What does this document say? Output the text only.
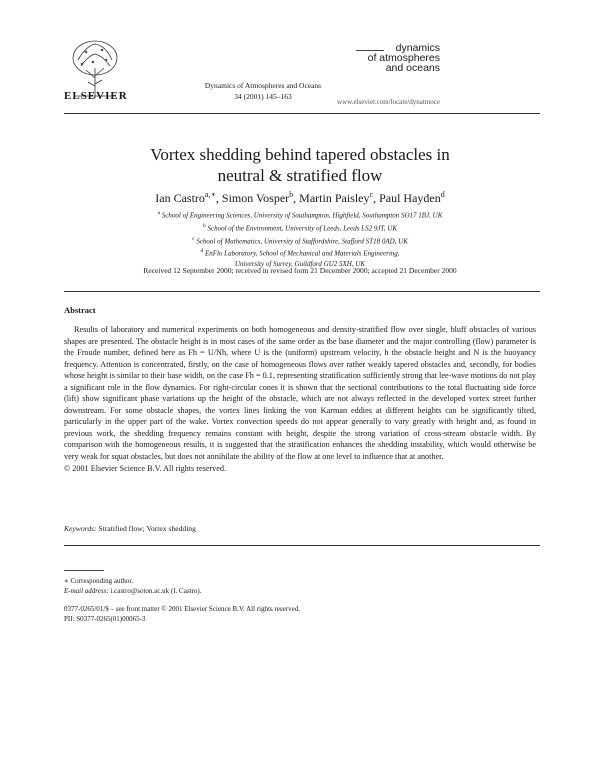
ELSEVIER
Dynamics of Atmospheres and Oceans
34 (2001) 145–163
dynamics
of atmospheres
and oceans
www.elsevier.com/locate/dynatmoce
Vortex shedding behind tapered obstacles in
neutral & stratified flow
Ian Castro$^{a,∗}$, Simon Vosper$^b$, Martin Paisley$^c$, Paul Hayden$^d$
$^a$ School of Engineering Sciences, University of Southampton, Highfield, Southampton SO17 1BJ, UK
$^b$ School of the Environment, University of Leeds, Leeds LS2 9JT, UK
$^c$ School of Mathematics, University of Staffordshire, Stafford ST18 0AD, UK
$^d$ EnFlo Laboratory, School of Mechanical and Materials Engineering,
University of Surrey, Guildford GU2 5XH, UK
Received 12 September 2000; received in revised form 21 December 2000; accepted 21 December 2000
Abstract

Results of laboratory and numerical experiments on both homogeneous and density-stratified flow over single, bluff obstacles of various shapes are presented. The obstacle height is in most cases of the same order as the base diameter and the major controlling (flow) parameter is the Froude number, defined here as Fh = U/Nh, where U is the (uniform) upstream velocity, h the obstacle height and N is the buoyancy frequency. Attention is concentrated, firstly, on the case of homogeneous flows over rather weakly tapered obstacles and, secondly, for bodies whose height is similar to their base width, on the case Fh = 0.1, representing stratification sufficiently strong that lee-wave motions do not play a significant role in the flow dynamics. For right-circular cones it is shown that the sectional contributions to the total fluctuating side force (lift) show significant phase variations up the height of the obstacle, which are not always reflected in the developed vortex street further downstream. For some obstacle shapes, the vortex lines linking the von Karman eddies at different heights can be significantly tilted, particularly in the upper part of the wake. Vortex convection speeds do not appear generally to vary greatly with height and, as found in previous work, the shedding frequency remains constant with height, despite the strong variation of cross-stream obstacle width. By comparison with the homogeneous results, it is suggested that the stratification enhances the shedding instability, which would otherwise be very weak for squat obstacles, but does not annihilate the ability of the flow at one level to influence that at another.

© 2001 Elsevier Science B.V. All rights reserved.

Keywords: Stratified flow; Vortex shedding
∗ Corresponding author.
E-mail address: i.castro@soton.ac.uk (I. Castro).
0377-0265/01/$ – see front matter © 2001 Elsevier Science B.V. All rights reserved.
PII: S0377-0265(01)00065-3
